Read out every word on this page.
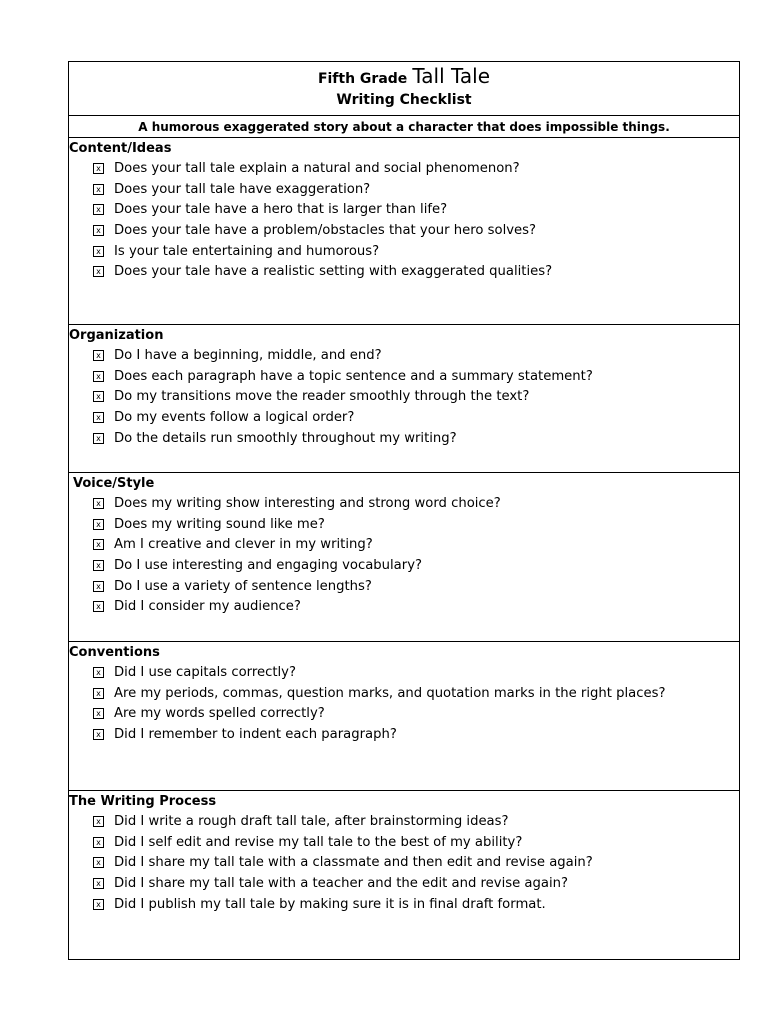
Fifth Grade Tall Tale
Writing Checklist
A humorous exaggerated story about a character that does impossible things.
Content/Ideas
x Does your tall tale explain a natural and social phenomenon?
x Does your tall tale have exaggeration?
x Does your tale have a hero that is larger than life?
x Does your tale have a problem/obstacles that your hero solves?
x Is your tale entertaining and humorous?
x Does your tale have a realistic setting with exaggerated qualities?
Organization
x Do I have a beginning, middle, and end?
x Does each paragraph have a topic sentence and a summary statement?
x Do my transitions move the reader smoothly through the text?
x Do my events follow a logical order?
x Do the details run smoothly throughout my writing?
Voice/Style
x Does my writing show interesting and strong word choice?
x Does my writing sound like me?
x Am I creative and clever in my writing?
x Do I use interesting and engaging vocabulary?
x Do I use a variety of sentence lengths?
x Did I consider my audience?
Conventions
x Did I use capitals correctly?
x Are my periods, commas, question marks, and quotation marks in the right places?
x Are my words spelled correctly?
x Did I remember to indent each paragraph?
The Writing Process
x Did I write a rough draft tall tale, after brainstorming ideas?
x Did I self edit and revise my tall tale to the best of my ability?
x Did I share my tall tale with a classmate and then edit and revise again?
x Did I share my tall tale with a teacher and the edit and revise again?
x Did I publish my tall tale by making sure it is in final draft format.
